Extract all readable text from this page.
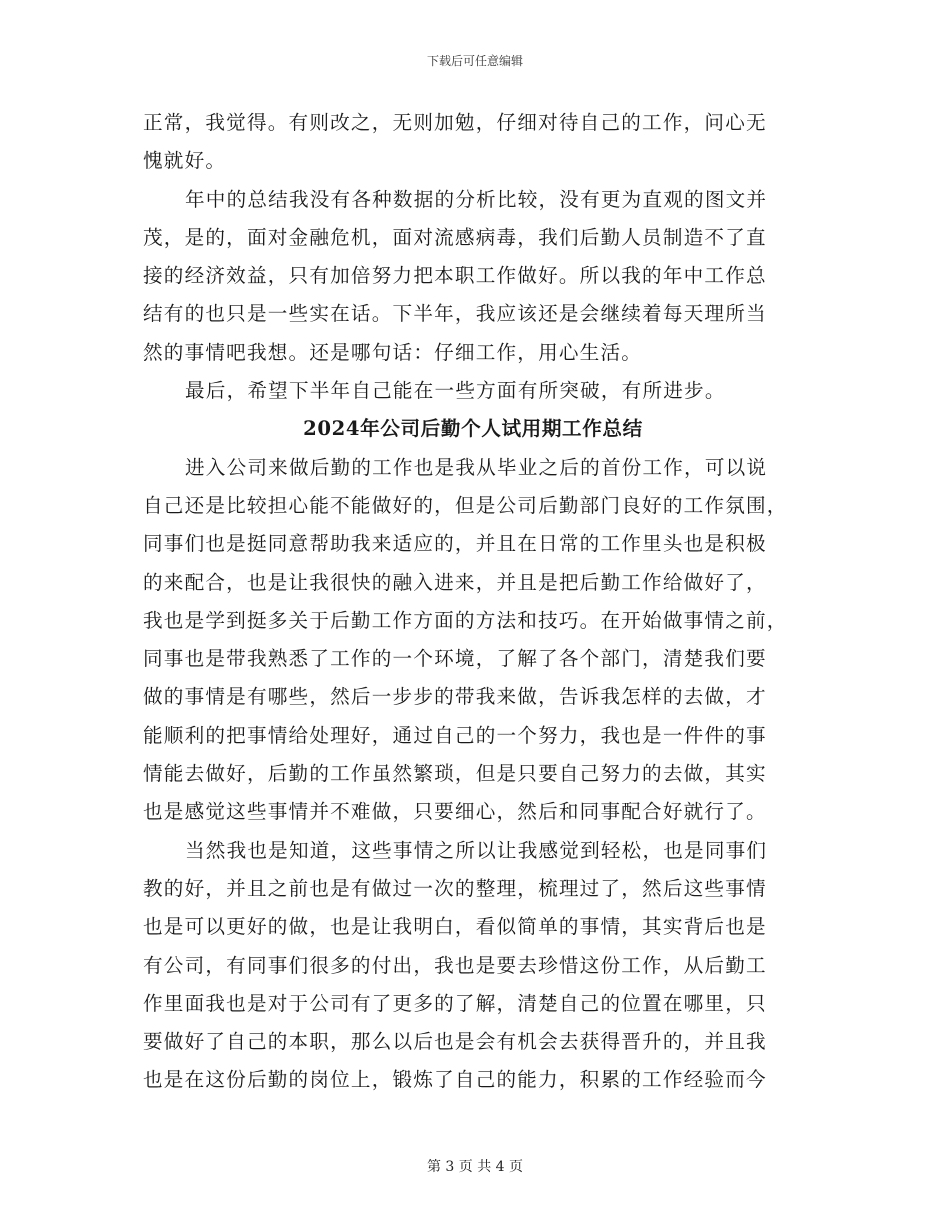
下载后可任意编辑
正常，我觉得。有则改之，无则加勉，仔细对待自己的工作，问心无
愧就好。
年中的总结我没有各种数据的分析比较，没有更为直观的图文并
茂，是的，面对金融危机，面对流感病毒，我们后勤人员制造不了直
接的经济效益，只有加倍努力把本职工作做好。所以我的年中工作总
结有的也只是一些实在话。下半年，我应该还是会继续着每天理所当
然的事情吧我想。还是哪句话：仔细工作，用心生活。
最后，希望下半年自己能在一些方面有所突破，有所进步。
2024年公司后勤个人试用期工作总结
进入公司来做后勤的工作也是我从毕业之后的首份工作，可以说
自己还是比较担心能不能做好的，但是公司后勤部门良好的工作氛围，
同事们也是挺同意帮助我来适应的，并且在日常的工作里头也是积极
的来配合，也是让我很快的融入进来，并且是把后勤工作给做好了，
我也是学到挺多关于后勤工作方面的方法和技巧。在开始做事情之前，
同事也是带我熟悉了工作的一个环境，了解了各个部门，清楚我们要
做的事情是有哪些，然后一步步的带我来做，告诉我怎样的去做，才
能顺利的把事情给处理好，通过自己的一个努力，我也是一件件的事
情能去做好，后勤的工作虽然繁琐，但是只要自己努力的去做，其实
也是感觉这些事情并不难做，只要细心，然后和同事配合好就行了。
当然我也是知道，这些事情之所以让我感觉到轻松，也是同事们
教的好，并且之前也是有做过一次的整理，梳理过了，然后这些事情
也是可以更好的做，也是让我明白，看似简单的事情，其实背后也是
有公司，有同事们很多的付出，我也是要去珍惜这份工作，从后勤工
作里面我也是对于公司有了更多的了解，清楚自己的位置在哪里，只
要做好了自己的本职，那么以后也是会有机会去获得晋升的，并且我
也是在这份后勤的岗位上，锻炼了自己的能力，积累的工作经验而今
第 3 页 共 4 页
